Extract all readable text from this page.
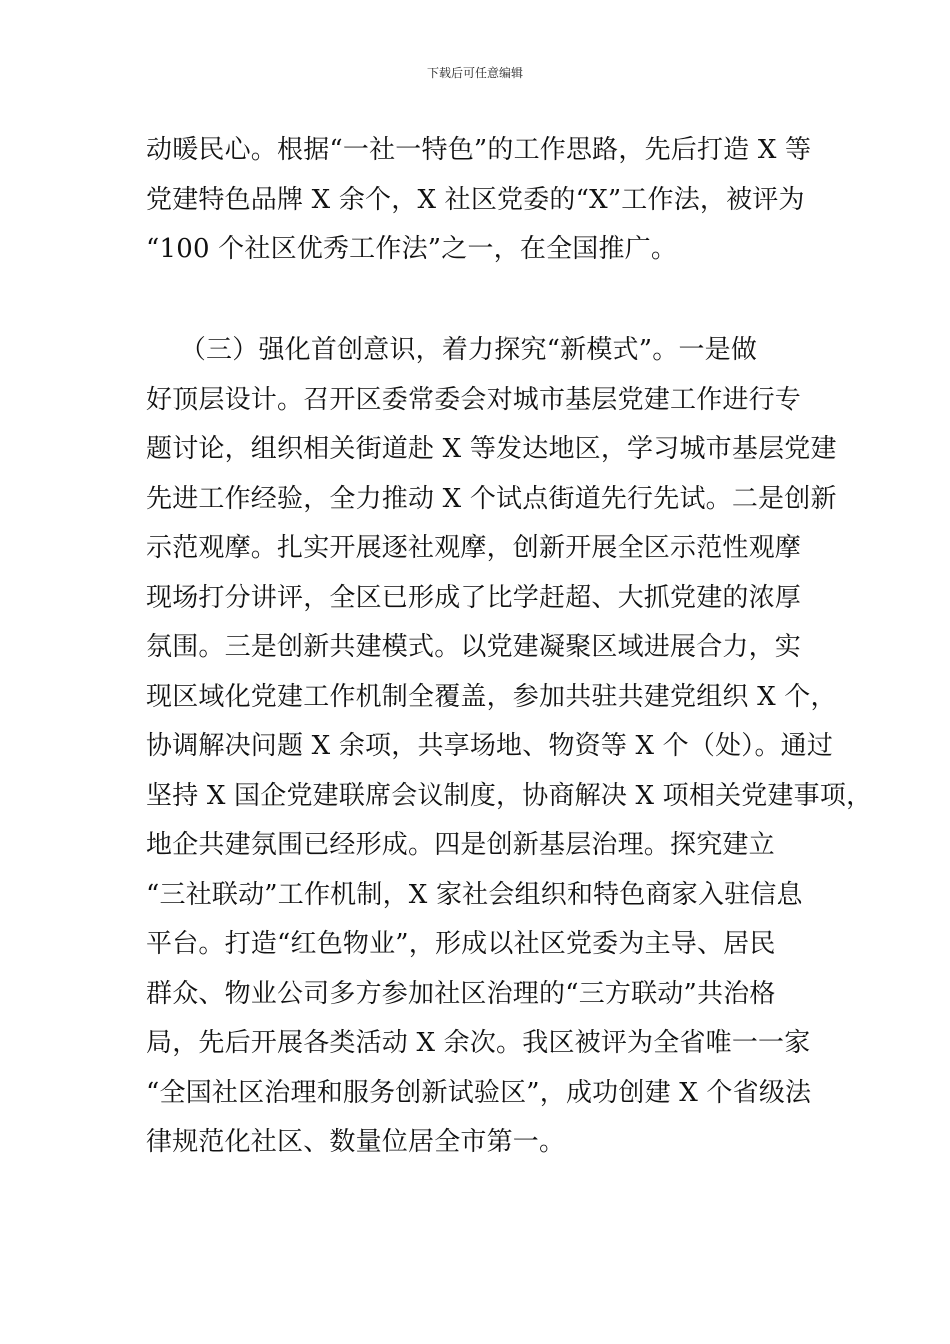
下载后可任意编辑
动暖民心。根据“一社一特色”的工作思路，先后打造 X 等
党建特色品牌 X 余个，X 社区党委的“X”工作法，被评为
“100 个社区优秀工作法”之一，在全国推广。
（三）强化首创意识，着力探究“新模式”。一是做
好顶层设计。召开区委常委会对城市基层党建工作进行专
题讨论，组织相关街道赴 X 等发达地区，学习城市基层党建
先进工作经验，全力推动 X 个试点街道先行先试。二是创新
示范观摩。扎实开展逐社观摩，创新开展全区示范性观摩
现场打分讲评，全区已形成了比学赶超、大抓党建的浓厚
氛围。三是创新共建模式。以党建凝聚区域进展合力，实
现区域化党建工作机制全覆盖，参加共驻共建党组织 X 个，
协调解决问题 X 余项，共享场地、物资等 X 个（处）。通过
坚持 X 国企党建联席会议制度，协商解决 X 项相关党建事项，
地企共建氛围已经形成。四是创新基层治理。探究建立
“三社联动”工作机制，X 家社会组织和特色商家入驻信息
平台。打造“红色物业”，形成以社区党委为主导、居民
群众、物业公司多方参加社区治理的“三方联动”共治格
局，先后开展各类活动 X 余次。我区被评为全省唯一一家
“全国社区治理和服务创新试验区”，成功创建 X 个省级法
律规范化社区、数量位居全市第一。
